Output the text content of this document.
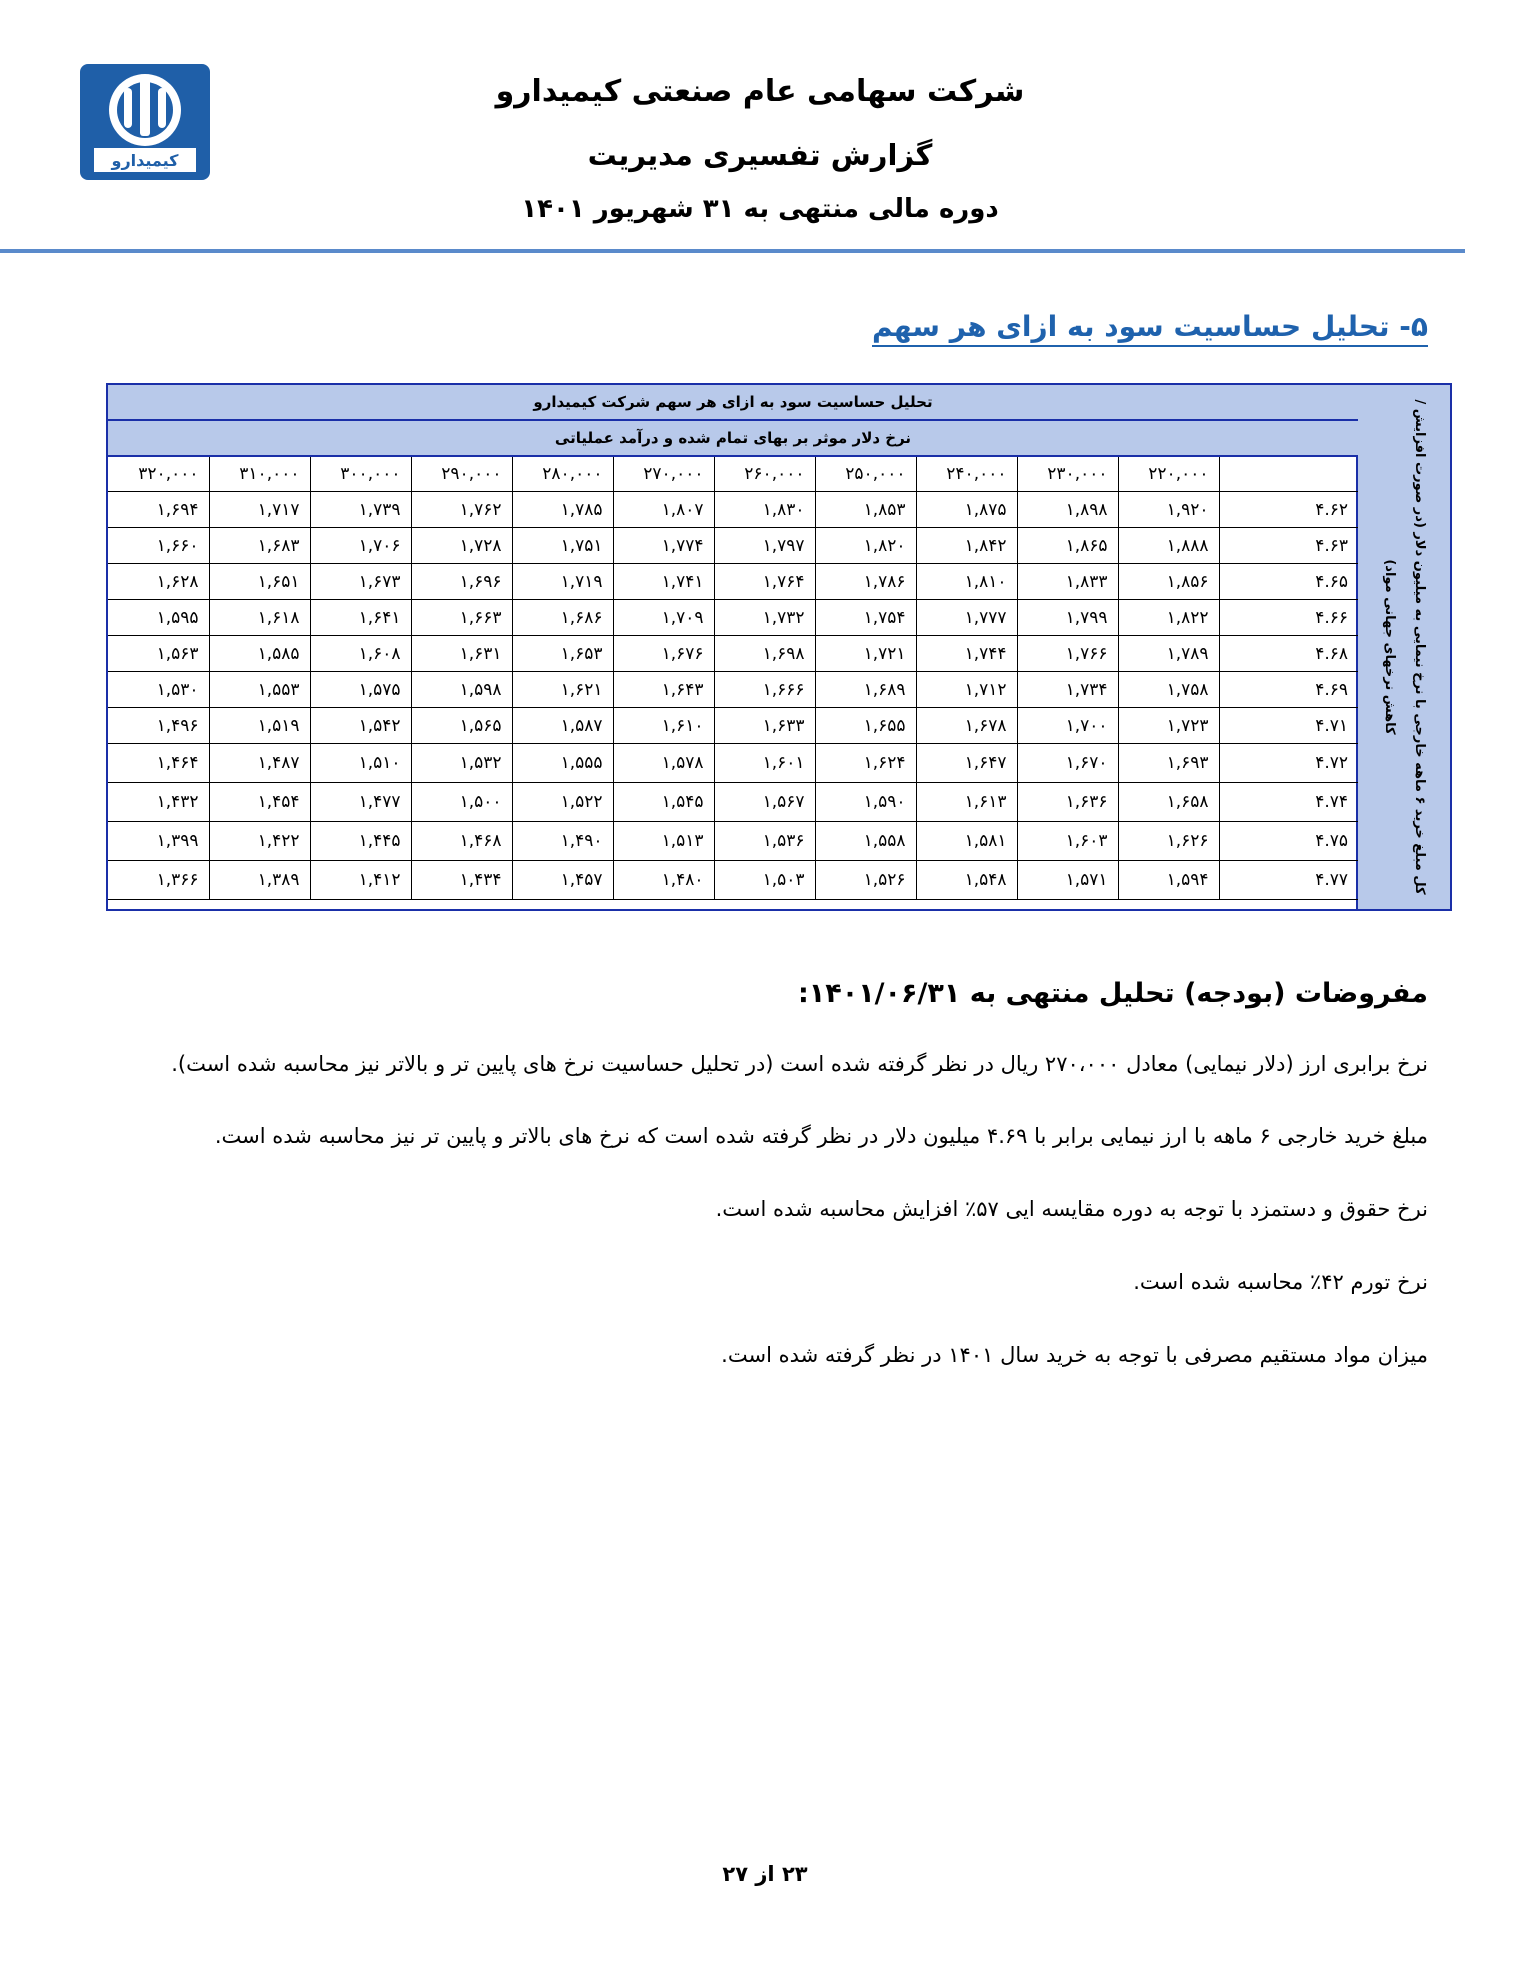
کیمیدارو
شرکت سهامی عام صنعتی کیمیدارو
گزارش تفسیری مدیریت
دوره مالی منتهی به ۳۱ شهریور ۱۴۰۱
۵- تحلیل حساسیت سود به ازای هر سهم
کل مبلغ خرید ۶ ماهه خارجی با نرخ نیمایی به میلیون دلار (در صورت افزایش / کاهش نرخهای جهانی مواد)
تحلیل حساسیت سود به ازای هر سهم شرکت کیمیدارو
نرخ دلار موثر بر بهای تمام شده و درآمد عملیاتی
۳۲۰,۰۰۰	۳۱۰,۰۰۰	۳۰۰,۰۰۰	۲۹۰,۰۰۰	۲۸۰,۰۰۰	۲۷۰,۰۰۰	۲۶۰,۰۰۰	۲۵۰,۰۰۰	۲۴۰,۰۰۰	۲۳۰,۰۰۰	۲۲۰,۰۰۰	
۱,۶۹۴	۱,۷۱۷	۱,۷۳۹	۱,۷۶۲	۱,۷۸۵	۱,۸۰۷	۱,۸۳۰	۱,۸۵۳	۱,۸۷۵	۱,۸۹۸	۱,۹۲۰	۴.۶۲
۱,۶۶۰	۱,۶۸۳	۱,۷۰۶	۱,۷۲۸	۱,۷۵۱	۱,۷۷۴	۱,۷۹۷	۱,۸۲۰	۱,۸۴۲	۱,۸۶۵	۱,۸۸۸	۴.۶۳
۱,۶۲۸	۱,۶۵۱	۱,۶۷۳	۱,۶۹۶	۱,۷۱۹	۱,۷۴۱	۱,۷۶۴	۱,۷۸۶	۱,۸۱۰	۱,۸۳۳	۱,۸۵۶	۴.۶۵
۱,۵۹۵	۱,۶۱۸	۱,۶۴۱	۱,۶۶۳	۱,۶۸۶	۱,۷۰۹	۱,۷۳۲	۱,۷۵۴	۱,۷۷۷	۱,۷۹۹	۱,۸۲۲	۴.۶۶
۱,۵۶۳	۱,۵۸۵	۱,۶۰۸	۱,۶۳۱	۱,۶۵۳	۱,۶۷۶	۱,۶۹۸	۱,۷۲۱	۱,۷۴۴	۱,۷۶۶	۱,۷۸۹	۴.۶۸
۱,۵۳۰	۱,۵۵۳	۱,۵۷۵	۱,۵۹۸	۱,۶۲۱	۱,۶۴۳	۱,۶۶۶	۱,۶۸۹	۱,۷۱۲	۱,۷۳۴	۱,۷۵۸	۴.۶۹
۱,۴۹۶	۱,۵۱۹	۱,۵۴۲	۱,۵۶۵	۱,۵۸۷	۱,۶۱۰	۱,۶۳۳	۱,۶۵۵	۱,۶۷۸	۱,۷۰۰	۱,۷۲۳	۴.۷۱
۱,۴۶۴	۱,۴۸۷	۱,۵۱۰	۱,۵۳۲	۱,۵۵۵	۱,۵۷۸	۱,۶۰۱	۱,۶۲۴	۱,۶۴۷	۱,۶۷۰	۱,۶۹۳	۴.۷۲
۱,۴۳۲	۱,۴۵۴	۱,۴۷۷	۱,۵۰۰	۱,۵۲۲	۱,۵۴۵	۱,۵۶۷	۱,۵۹۰	۱,۶۱۳	۱,۶۳۶	۱,۶۵۸	۴.۷۴
۱,۳۹۹	۱,۴۲۲	۱,۴۴۵	۱,۴۶۸	۱,۴۹۰	۱,۵۱۳	۱,۵۳۶	۱,۵۵۸	۱,۵۸۱	۱,۶۰۳	۱,۶۲۶	۴.۷۵
۱,۳۶۶	۱,۳۸۹	۱,۴۱۲	۱,۴۳۴	۱,۴۵۷	۱,۴۸۰	۱,۵۰۳	۱,۵۲۶	۱,۵۴۸	۱,۵۷۱	۱,۵۹۴	۴.۷۷
مفروضات (بودجه) تحلیل منتهی به ۱۴۰۱/۰۶/۳۱:
نرخ برابری ارز (دلار نیمایی) معادل ۲۷۰،۰۰۰ ریال در نظر گرفته شده است (در تحلیل حساسیت نرخ های پایین تر و بالاتر نیز محاسبه شده است).
مبلغ خرید خارجی ۶ ماهه با ارز نیمایی برابر با ۴.۶۹ میلیون دلار در نظر گرفته شده است که نرخ های بالاتر و پایین تر نیز محاسبه شده است.
نرخ حقوق و دستمزد با توجه به دوره مقایسه ایی ۵۷٪ افزایش محاسبه شده است.
نرخ تورم ۴۲٪ محاسبه شده است.
میزان مواد مستقیم مصرفی با توجه به خرید سال ۱۴۰۱ در نظر گرفته شده است.
۲۳ از ۲۷
